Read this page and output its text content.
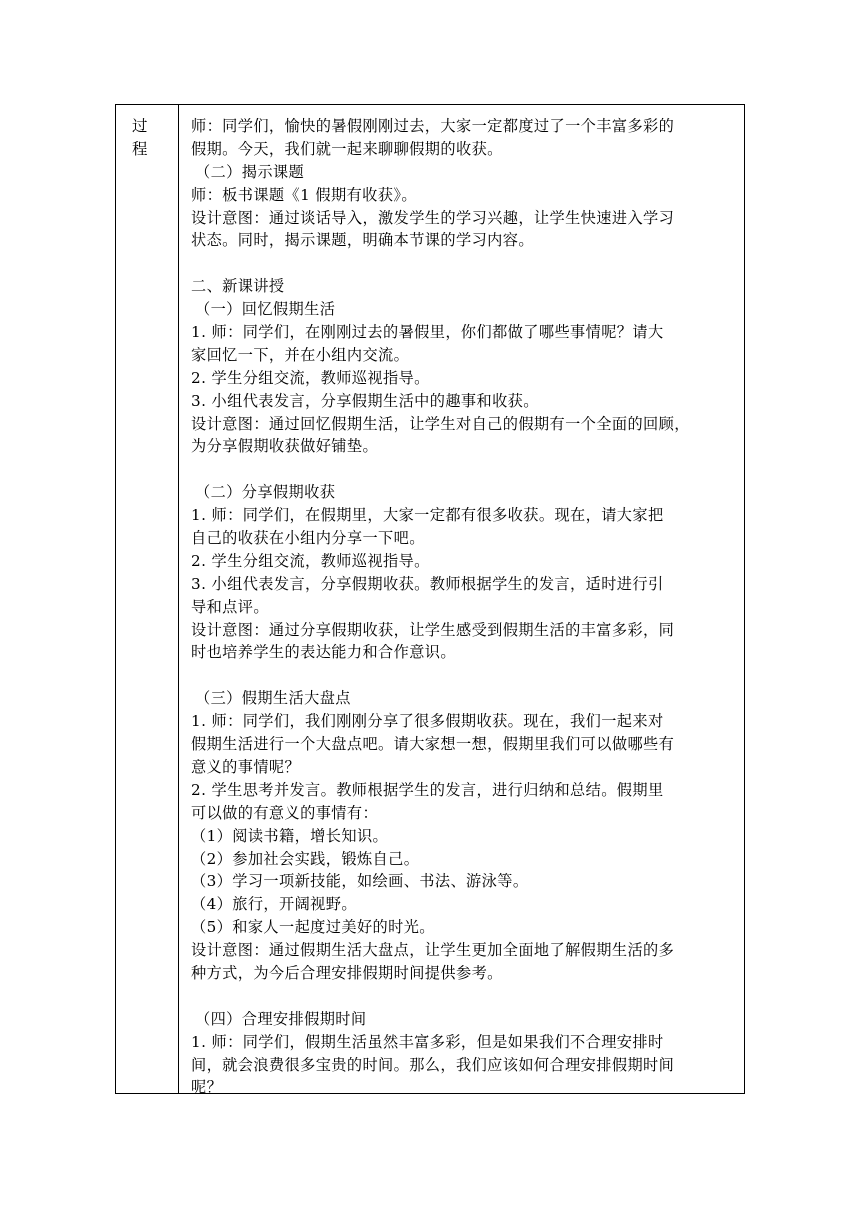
过程
师：同学们，愉快的暑假刚刚过去，大家一定都度过了一个丰富多彩的
假期。今天，我们就一起来聊聊假期的收获。
（二）揭示课题
师：板书课题《1 假期有收获》。
设计意图：通过谈话导入，激发学生的学习兴趣，让学生快速进入学习
状态。同时，揭示课题，明确本节课的学习内容。
二、新课讲授
（一）回忆假期生活
1. 师：同学们，在刚刚过去的暑假里，你们都做了哪些事情呢？请大
家回忆一下，并在小组内交流。
2. 学生分组交流，教师巡视指导。
3. 小组代表发言，分享假期生活中的趣事和收获。
设计意图：通过回忆假期生活，让学生对自己的假期有一个全面的回顾，
为分享假期收获做好铺垫。
（二）分享假期收获
1. 师：同学们，在假期里，大家一定都有很多收获。现在，请大家把
自己的收获在小组内分享一下吧。
2. 学生分组交流，教师巡视指导。
3. 小组代表发言，分享假期收获。教师根据学生的发言，适时进行引
导和点评。
设计意图：通过分享假期收获，让学生感受到假期生活的丰富多彩，同
时也培养学生的表达能力和合作意识。
（三）假期生活大盘点
1. 师：同学们，我们刚刚分享了很多假期收获。现在，我们一起来对
假期生活进行一个大盘点吧。请大家想一想，假期里我们可以做哪些有
意义的事情呢？
2. 学生思考并发言。教师根据学生的发言，进行归纳和总结。假期里
可以做的有意义的事情有：
（1）阅读书籍，增长知识。
（2）参加社会实践，锻炼自己。
（3）学习一项新技能，如绘画、书法、游泳等。
（4）旅行，开阔视野。
（5）和家人一起度过美好的时光。
设计意图：通过假期生活大盘点，让学生更加全面地了解假期生活的多
种方式，为今后合理安排假期时间提供参考。
（四）合理安排假期时间
1. 师：同学们，假期生活虽然丰富多彩，但是如果我们不合理安排时
间，就会浪费很多宝贵的时间。那么，我们应该如何合理安排假期时间
呢？
